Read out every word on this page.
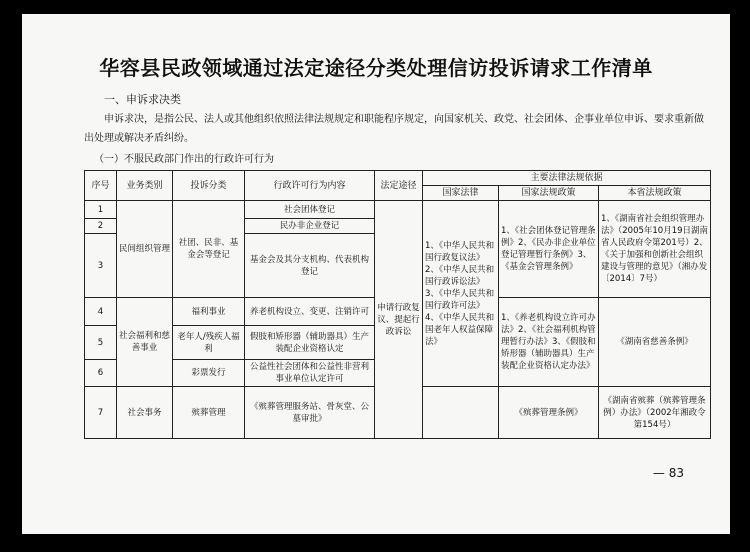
华容县民政领域通过法定途径分类处理信访投诉请求工作清单
一、申诉求决类
申诉求决，是指公民、法人或其他组织依照法律法规规定和职能程序规定，向国家机关、政党、社会团体、企事业单位申诉、要求重新做出处理或解决矛盾纠纷。
（一）不服民政部门作出的行政许可行为
序号	业务类别	投诉分类	行政许可行为内容	法定途径	主要法律法规依据		
					国家法律	国家法规政策	本省法规政策
1	民间组织管理	社团、民非、基金会等登记	社会团体登记	申请行政复议、提起行政诉讼	1、《中华人民共和国行政复议法》2、《中华人民共和国行政诉讼法》3、《中华人民共和国行政许可法》4、《中华人民共和国老年人权益保障法》	1、《社会团体登记管理条例》2、《民办非企业单位登记管理暂行条例》3、《基金会管理条例》	1、《湖南省社会组织管理办法》（2005年10月19日湖南省人民政府令第201号）2、《关于加强和创新社会组织建设与管理的意见》（湘办发〔2014〕7号）
2			民办非企业登记				
3			基金会及其分支机构、代表机构登记				
4	社会福利和慈善事业	福利事业	养老机构设立、变更、注销许可			1、《养老机构设立许可办法》2、《社会福利机构管理暂行办法》3、《假肢和矫形器（辅助器具）生产装配企业资格认定办法》	《湖南省慈善条例》
5		老年人/残疾人福利	假肢和矫形器（辅助器具）生产装配企业资格认定				
6		彩票发行	公益性社会团体和公益性非营利事业单位认定许可				
7	社会事务	殡葬管理	《殡葬管理服务站、骨灰堂、公墓审批》			《殡葬管理条例》	《湖南省殡葬（殡葬管理条例）办法》（2002年湘政令第154号）
— 83
